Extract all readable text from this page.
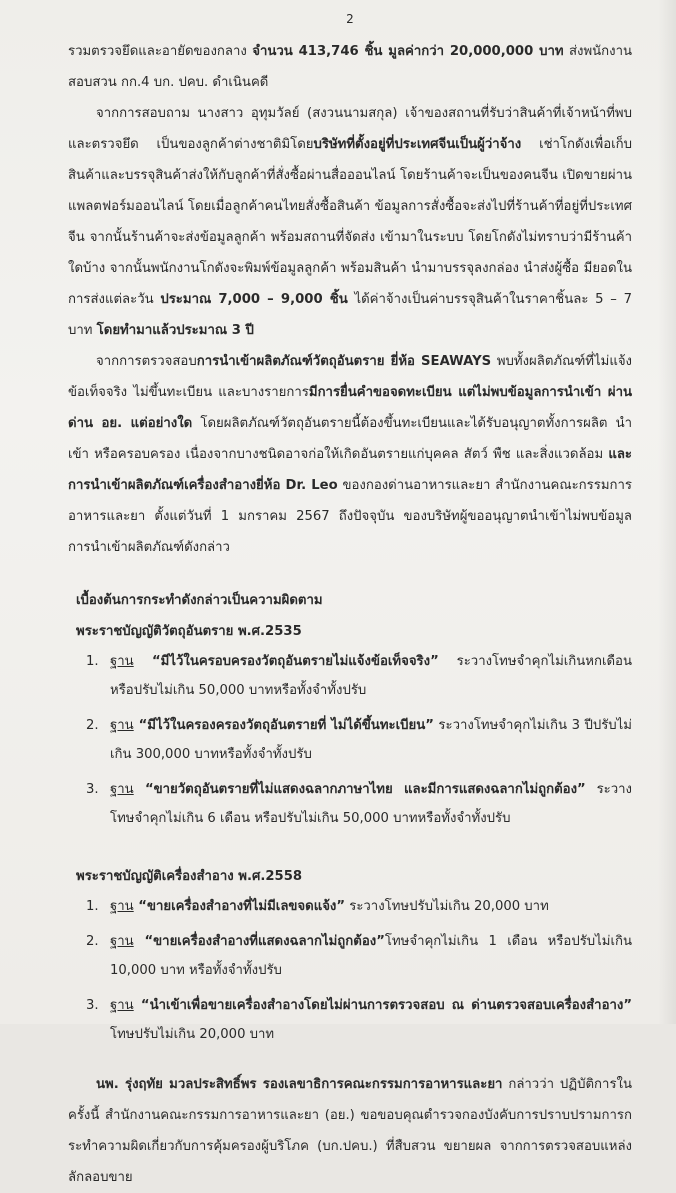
2

รวมตรวจยึดและอายัดของกลาง จำนวน 413,746 ชิ้น มูลค่ากว่า 20,000,000 บาท ส่งพนักงานสอบสวน กก.4 บก. ปคบ. ดำเนินคดี

จากการสอบถาม นางสาว อุทุมวัลย์ (สงวนนามสกุล) เจ้าของสถานที่รับว่าสินค้าที่เจ้าหน้าที่พบและตรวจยึด เป็นของลูกค้าต่างชาติมิโดยบริษัทที่ตั้งอยู่ที่ประเทศจีนเป็นผู้ว่าจ้าง เช่าโกดังเพื่อเก็บสินค้าและบรรจุสินค้าส่งให้กับลูกค้าที่สั่งซื้อผ่านสื่อออนไลน์ โดยร้านค้าจะเป็นของคนจีน เปิดขายผ่านแพลตฟอร์มออนไลน์ โดยเมื่อลูกค้าคนไทยสั่งซื้อสินค้า ข้อมูลการสั่งซื้อจะส่งไปที่ร้านค้าที่อยู่ที่ประเทศจีน จากนั้นร้านค้าจะส่งข้อมูลลูกค้า พร้อมสถานที่จัดส่ง เข้ามาในระบบ โดยโกดังไม่ทราบว่ามีร้านค้าใดบ้าง จากนั้นพนักงานโกดังจะพิมพ์ข้อมูลลูกค้า พร้อมสินค้า นำมาบรรจุลงกล่อง นำส่งผู้ซื้อ มียอดในการส่งแต่ละวัน ประมาณ 7,000 – 9,000 ชิ้น ได้ค่าจ้างเป็นค่าบรรจุสินค้าในราคาชิ้นละ 5 – 7 บาท โดยทำมาแล้วประมาณ 3 ปี

จากการตรวจสอบการนำเข้าผลิตภัณฑ์วัตถุอันตราย ยี่ห้อ SEAWAYS พบทั้งผลิตภัณฑ์ที่ไม่แจ้งข้อเท็จจริง ไม่ขึ้นทะเบียน และบางรายการมีการยื่นคำขอจดทะเบียน แต่ไม่พบข้อมูลการนำเข้า ผ่านด่าน อย. แต่อย่างใด โดยผลิตภัณฑ์วัตถุอันตรายนี้ต้องขึ้นทะเบียนและได้รับอนุญาตทั้งการผลิต นำเข้า หรือครอบครอง เนื่องจากบางชนิดอาจก่อให้เกิดอันตรายแก่บุคคล สัตว์ พืช และสิ่งแวดล้อม และการนำเข้าผลิตภัณฑ์เครื่องสำอางยี่ห้อ Dr. Leo ของกองด่านอาหารและยา สำนักงานคณะกรรมการอาหารและยา ตั้งแต่วันที่ 1 มกราคม 2567 ถึงปัจจุบัน ของบริษัทผู้ขออนุญาตนำเข้าไม่พบข้อมูลการนำเข้าผลิตภัณฑ์ดังกล่าว

เบื้องต้นการกระทำดังกล่าวเป็นความผิดตาม
พระราชบัญญัติวัตถุอันตราย พ.ศ.2535
1. ฐาน “มีไว้ในครอบครองวัตถุอันตรายไม่แจ้งข้อเท็จจริง” ระวางโทษจำคุกไม่เกินหกเดือน หรือปรับไม่เกิน 50,000 บาทหรือทั้งจำทั้งปรับ
2. ฐาน “มีไว้ในครองครองวัตถุอันตรายที่ ไม่ได้ขึ้นทะเบียน” ระวางโทษจำคุกไม่เกิน 3 ปีปรับไม่เกิน 300,000 บาทหรือทั้งจำทั้งปรับ
3. ฐาน “ขายวัตถุอันตรายที่ไม่แสดงฉลากภาษาไทย และมีการแสดงฉลากไม่ถูกต้อง” ระวางโทษจำคุกไม่เกิน 6 เดือน หรือปรับไม่เกิน 50,000 บาทหรือทั้งจำทั้งปรับ
พระราชบัญญัติเครื่องสำอาง พ.ศ.2558
1. ฐาน “ขายเครื่องสำอางที่ไม่มีเลขจดแจ้ง” ระวางโทษปรับไม่เกิน 20,000 บาท
2. ฐาน “ขายเครื่องสำอางที่แสดงฉลากไม่ถูกต้อง”โทษจำคุกไม่เกิน 1 เดือน หรือปรับไม่เกิน 10,000 บาท หรือทั้งจำทั้งปรับ
3. ฐาน “นำเข้าเพื่อขายเครื่องสำอางโดยไม่ผ่านการตรวจสอบ ณ ด่านตรวจสอบเครื่องสำอาง” โทษปรับไม่เกิน 20,000 บาท

นพ. รุ่งฤทัย มวลประสิทธิ์พร รองเลขาธิการคณะกรรมการอาหารและยา กล่าวว่า ปฏิบัติการในครั้งนี้ สำนักงานคณะกรรมการอาหารและยา (อย.) ขอขอบคุณตำรวจกองบังคับการปราบปรามการกระทำความผิดเกี่ยวกับการคุ้มครองผู้บริโภค (บก.ปคบ.) ที่สืบสวน ขยายผล จากการตรวจสอบแหล่งลักลอบขาย
